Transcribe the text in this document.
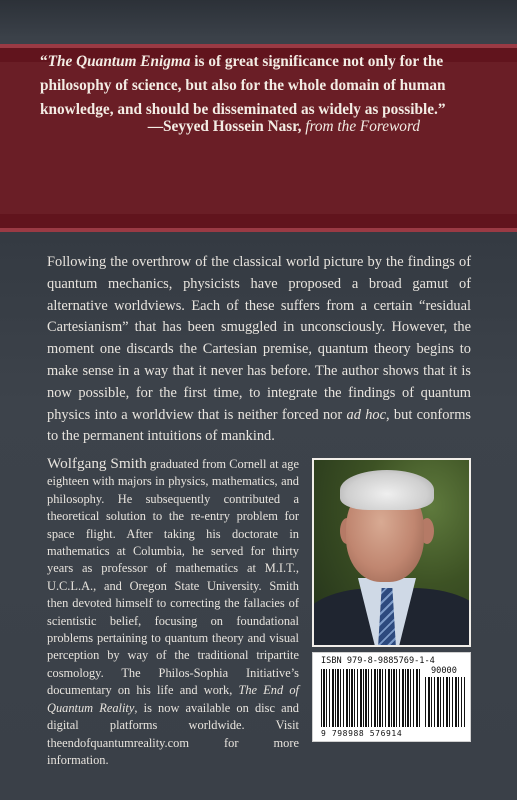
“The Quantum Enigma is of great significance not only for the philosophy of science, but also for the whole domain of human knowledge, and should be disseminated as widely as possible.”
—Seyyed Hossein Nasr, from the Foreword
Following the overthrow of the classical world picture by the findings of quantum mechanics, physicists have proposed a broad gamut of alternative worldviews. Each of these suffers from a certain “residual Cartesianism” that has been smuggled in unconsciously. However, the moment one discards the Cartesian premise, quantum theory begins to make sense in a way that it never has before. The author shows that it is now possible, for the first time, to integrate the findings of quantum physics into a worldview that is neither forced nor ad hoc, but conforms to the permanent intuitions of mankind.
Wolfgang Smith graduated from Cornell at age eighteen with majors in physics, mathematics, and philosophy. He subsequently contributed a theoretical solution to the re-entry problem for space flight. After taking his doctorate in mathematics at Columbia, he served for thirty years as professor of mathematics at M.I.T., U.C.L.A., and Oregon State University. Smith then devoted himself to correcting the fallacies of scientistic belief, focusing on foundational problems pertaining to quantum theory and visual perception by way of the traditional tripartite cosmology. The Philos-Sophia Initiative’s documentary on his life and work, The End of Quantum Reality, is now available on disc and digital platforms worldwide. Visit theendofquantumreality.com for more information.
ISBN 979-8-9885769-1-4
90000
9 798988 576914
